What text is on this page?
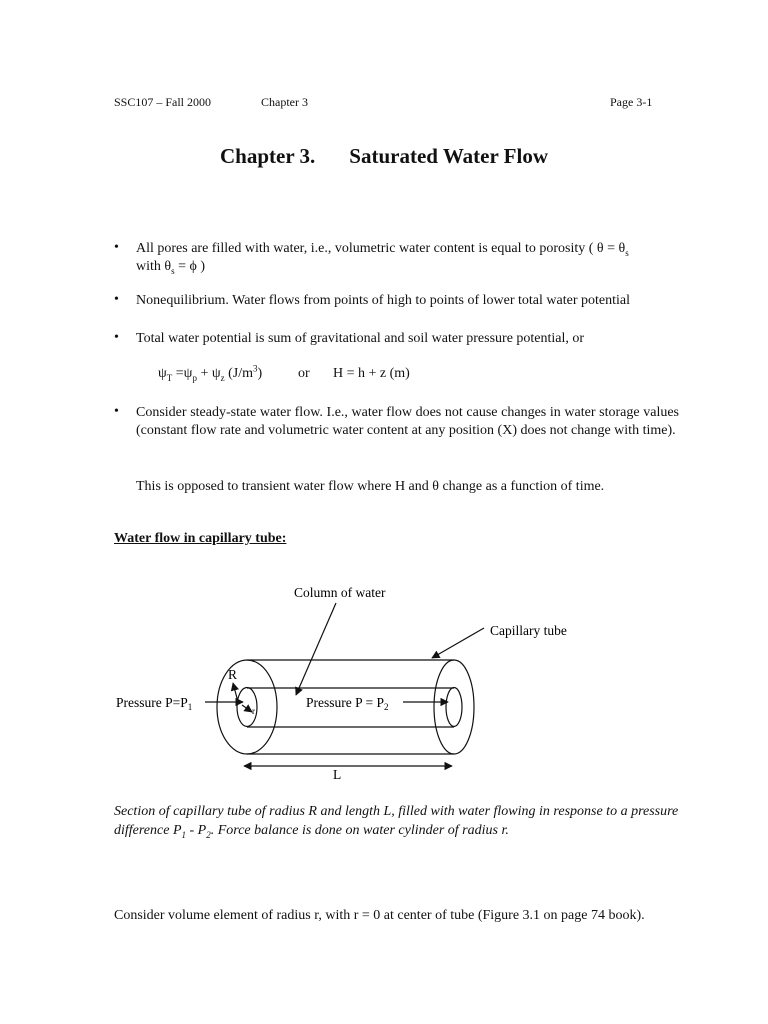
SSC107 – Fall 2000	Chapter 3	Page 3-1
Chapter 3. Saturated Water Flow
• All pores are filled with water, i.e., volumetric water content is equal to porosity ( $\theta = \theta_s$
with $\theta_s = \phi$ )
• Nonequilibrium. Water flows from points of high to points of lower total water potential
• Total water potential is sum of gravitational and soil water pressure potential, or
$\psi_T =\psi_p + \psi_z$ $(J/m^3)$	or H = h + z (m)
• Consider steady-state water flow. I.e., water flow does not cause changes in water storage values (constant flow rate and volumetric water content at any position (X) does not change with time).
This is opposed to transient water flow where H and θ change as a function of time.
Water flow in capillary tube:
Column of water
Capillary tube
R
r
Pressure $P=P_1$	Pressure $P = P_2$
L
Section of capillary tube of radius R and length L, filled with water flowing in response to a pressure difference $P_1 - P_2$. Force balance is done on water cylinder of radius r.
Consider volume element of radius r, with r = 0 at center of tube (Figure 3.1 on page 74 book).
